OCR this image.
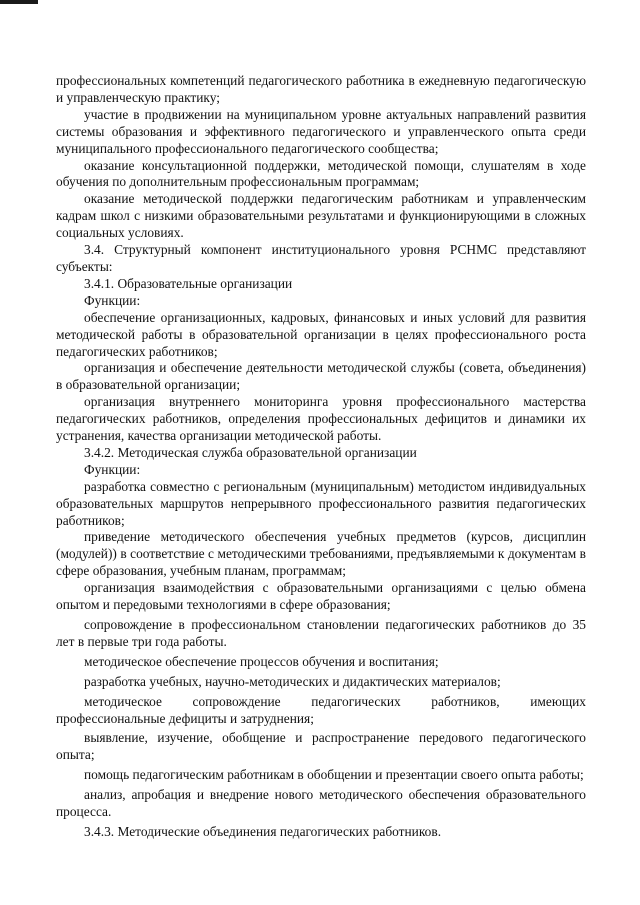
профессиональных компетенций педагогического работника в ежедневную педагогическую и управленческую практику;

участие в продвижении на муниципальном уровне актуальных направлений развития системы образования и эффективного педагогического и управленческого опыта среди муниципального профессионального педагогического сообщества;

оказание консультационной поддержки, методической помощи, слушателям в ходе обучения по дополнительным профессиональным программам;

оказание методической поддержки педагогическим работникам и управленческим кадрам школ с низкими образовательными результатами и функционирующими в сложных социальных условиях.

3.4. Структурный компонент институционального уровня РСНМС представляют субъекты:

3.4.1. Образовательные организации

Функции:

обеспечение организационных, кадровых, финансовых и иных условий для развития методической работы в образовательной организации в целях профессионального роста педагогических работников;

организация и обеспечение деятельности методической службы (совета, объединения) в образовательной организации;

организация внутреннего мониторинга уровня профессионального мастерства педагогических работников, определения профессиональных дефицитов и динамики их устранения, качества организации методической работы.

3.4.2. Методическая служба образовательной организации

Функции:

разработка совместно с региональным (муниципальным) методистом индивидуальных образовательных маршрутов непрерывного профессионального развития педагогических работников;

приведение методического обеспечения учебных предметов (курсов, дисциплин (модулей)) в соответствие с методическими требованиями, предъявляемыми к документам в сфере образования, учебным планам, программам;

организация взаимодействия с образовательными организациями с целью обмена опытом и передовыми технологиями в сфере образования;

сопровождение в профессиональном становлении педагогических работников до 35 лет в первые три года работы.

методическое обеспечение процессов обучения и воспитания;

разработка учебных, научно-методических и дидактических материалов;

методическое сопровождение педагогических работников, имеющих профессиональные дефициты и затруднения;

выявление, изучение, обобщение и распространение передового педагогического опыта;

помощь педагогическим работникам в обобщении и презентации своего опыта работы;

анализ, апробация и внедрение нового методического обеспечения образовательного процесса.

3.4.3. Методические объединения педагогических работников.
